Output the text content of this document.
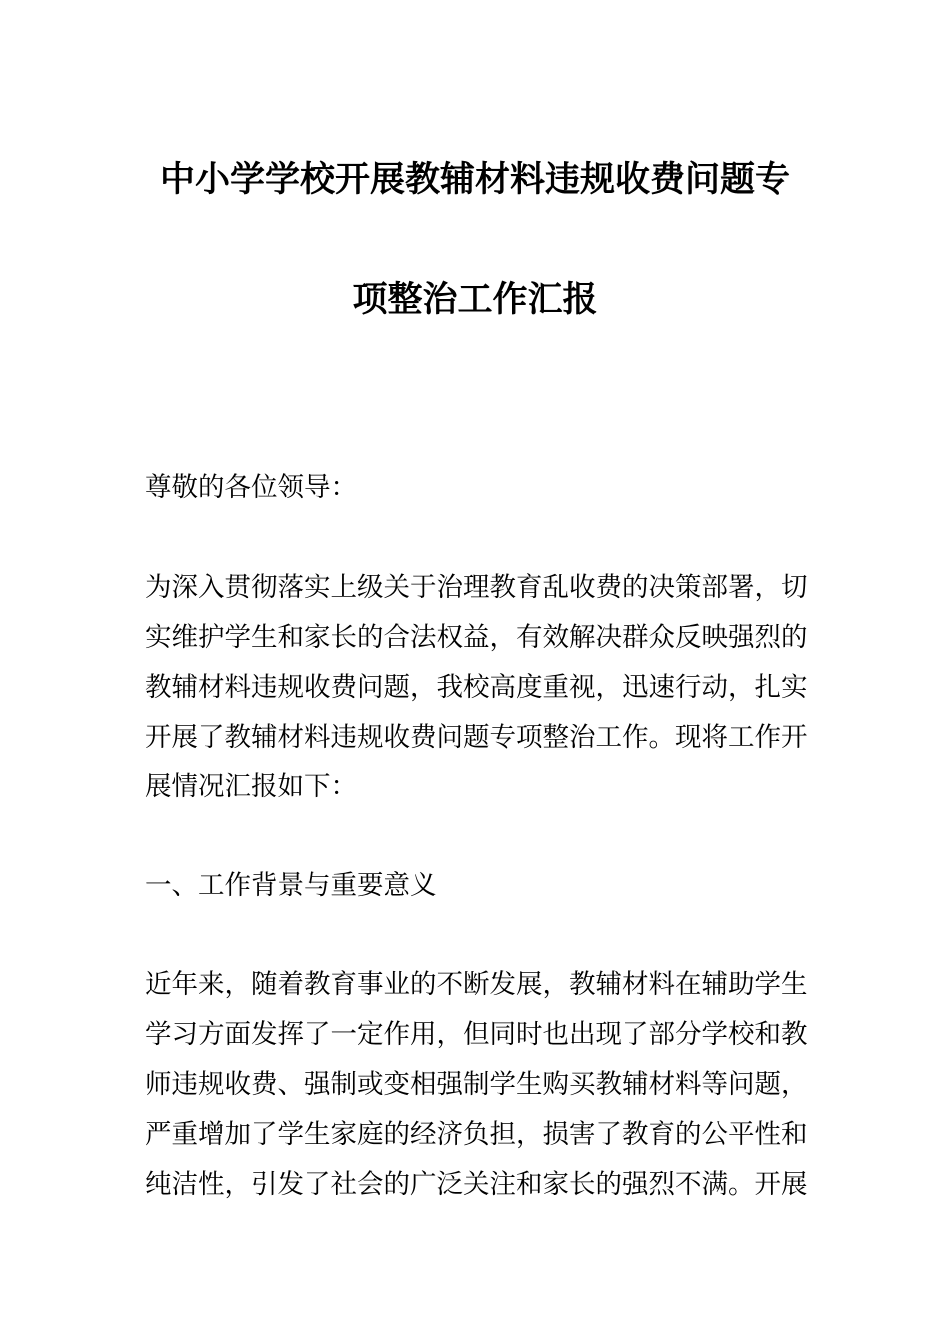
中小学学校开展教辅材料违规收费问题专
项整治工作汇报
尊敬的各位领导：
为深入贯彻落实上级关于治理教育乱收费的决策部署，切
实维护学生和家长的合法权益，有效解决群众反映强烈的
教辅材料违规收费问题，我校高度重视，迅速行动，扎实
开展了教辅材料违规收费问题专项整治工作。现将工作开
展情况汇报如下：
一、工作背景与重要意义
近年来，随着教育事业的不断发展，教辅材料在辅助学生
学习方面发挥了一定作用，但同时也出现了部分学校和教
师违规收费、强制或变相强制学生购买教辅材料等问题，
严重增加了学生家庭的经济负担，损害了教育的公平性和
纯洁性，引发了社会的广泛关注和家长的强烈不满。开展
